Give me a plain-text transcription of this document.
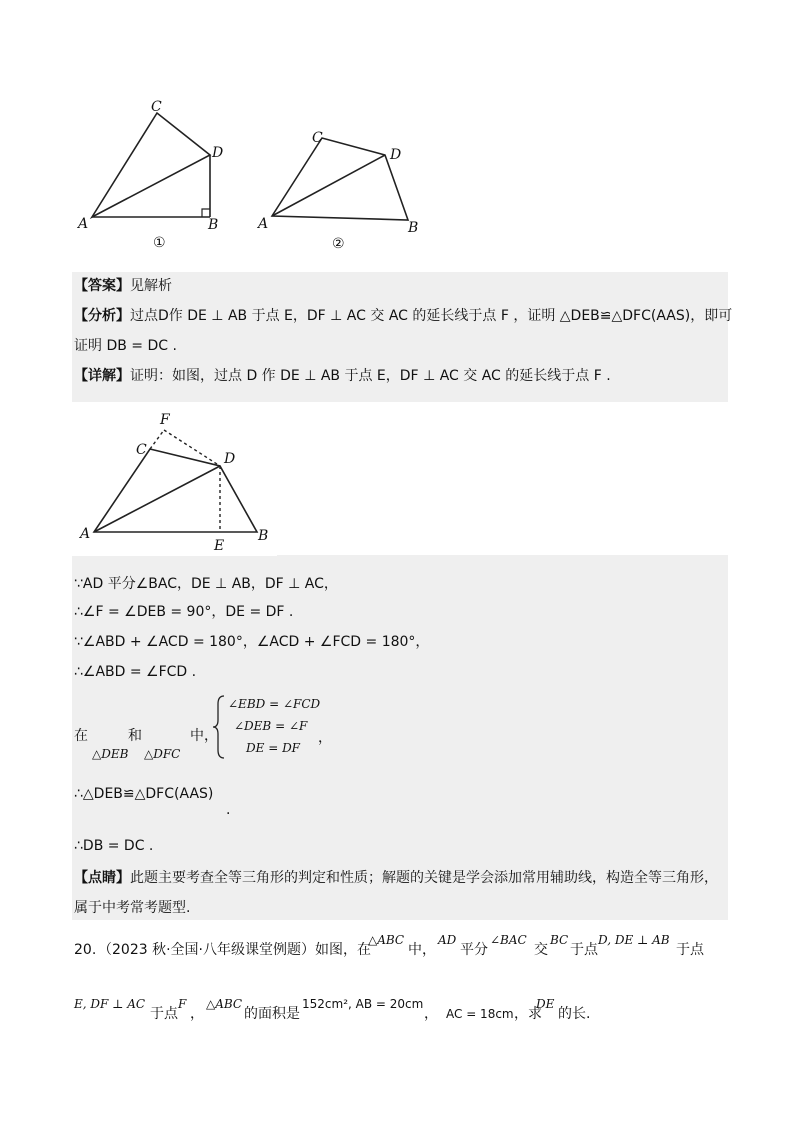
C
D
A	B
①
C
D
A	B
②
【答案】见解析
【分析】过点D作 DE ⊥ AB 于点 E，DF ⊥ AC 交 AC 的延长线于点 F ，证明 △DEB≌△DFC(AAS)，即可
证明 DB = DC .
【详解】证明：如图，过点 D 作 DE ⊥ AB 于点 E，DF ⊥ AC 交 AC 的延长线于点 F .
F
C
D
A	B
E
∵AD 平分∠BAC，DE ⊥ AB，DF ⊥ AC，
∴∠F = ∠DEB = 90°，DE = DF .
∵∠ABD + ∠ACD = 180°，∠ACD + ∠FCD = 180°，
∴∠ABD = ∠FCD .
在	和	中，
△DEB △DFC
∠EBD = ∠FCD
∠DEB = ∠F
DE = DF
，
∴△DEB≌△DFC(AAS)
.
∴DB = DC .
【点睛】此题主要考查全等三角形的判定和性质；解题的关键是学会添加常用辅助线，构造全等三角形，
属于中考常考题型.
20. （2023 秋·全国·八年级课堂例题）如图，在
△ABC
中，
AD
平分
∠BAC
交
BC
于点
D, DE ⊥ AB
于点
E, DF ⊥ AC
于点
F
，
△ABC
的面积是
152cm², AB = 20cm
， AC = 18cm ，求
DE
的长.
